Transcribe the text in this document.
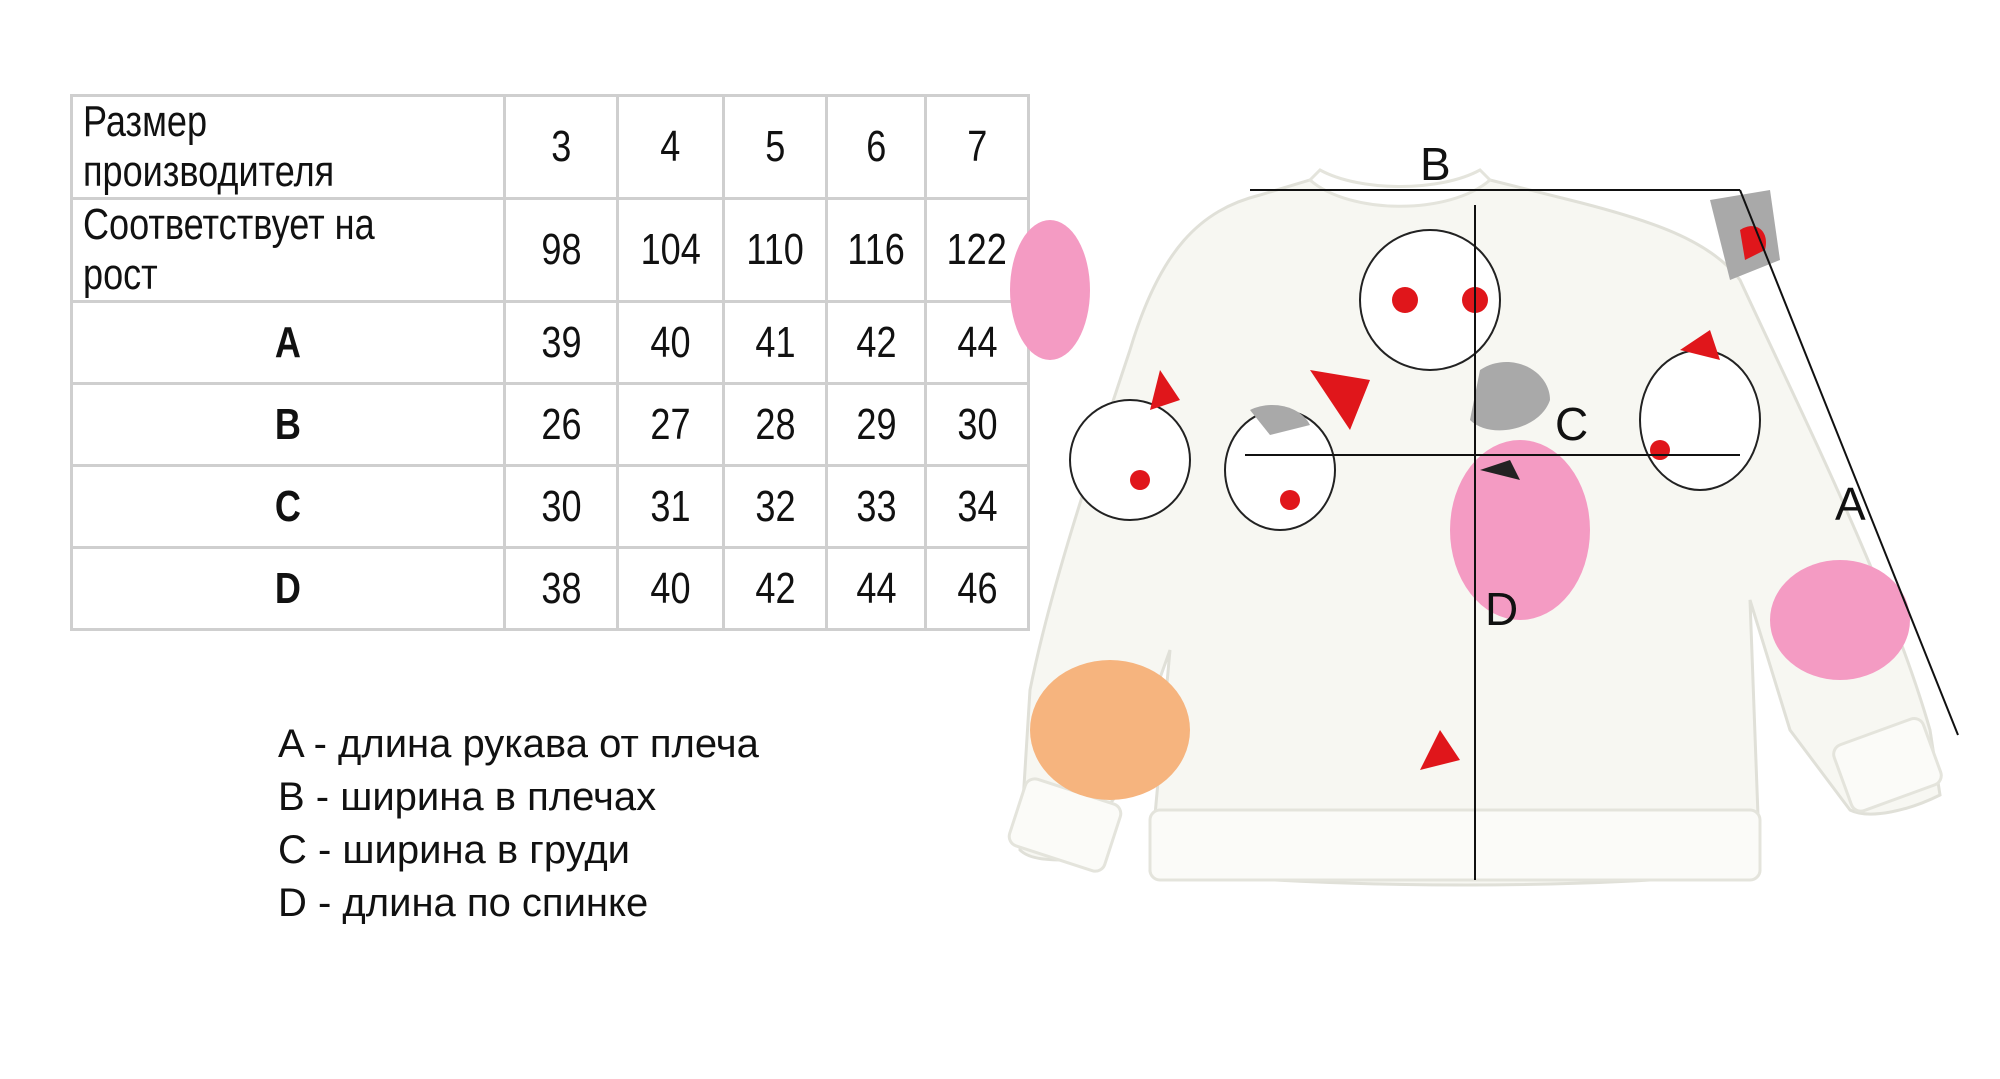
Размер производителя	3	4	5	6	7
Соответствует на рост	98	104	110	116	122
A	39	40	41	42	44
B	26	27	28	29	30
C	30	31	32	33	34
D	38	40	42	44	46
A - длина рукава от плеча
B - ширина в плечах
C - ширина в груди
D - длина по спинке
B
C
D
A
